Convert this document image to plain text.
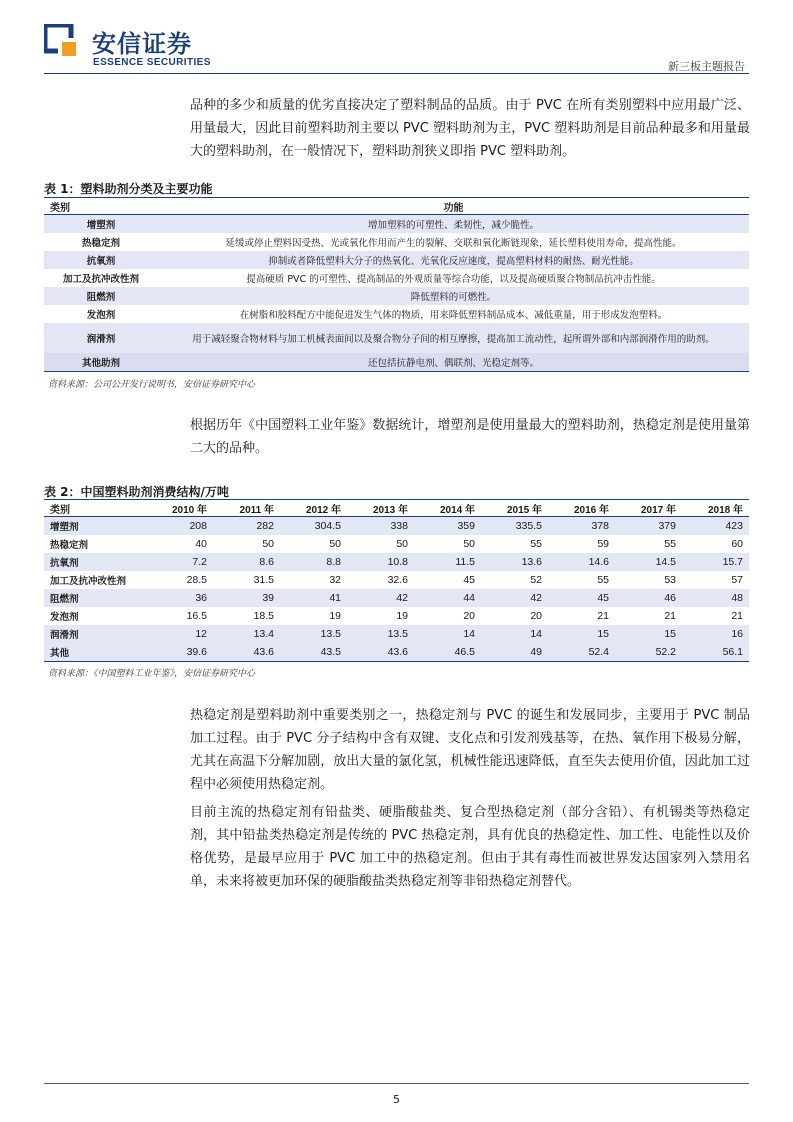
安信证券
ESSENCE SECURITIES	新三板主题报告
品种的多少和质量的优劣直接决定了塑料制品的品质。由于 PVC 在所有类别塑料中应用最广泛、用量最大，因此目前塑料助剂主要以 PVC 塑料助剂为主，PVC 塑料助剂是目前品种最多和用量最大的塑料助剂，在一般情况下，塑料助剂狭义即指 PVC 塑料助剂。
表 1：塑料助剂分类及主要功能
类别	功能
增塑剂	增加塑料的可塑性、柔韧性，减少脆性。
热稳定剂	延缓或停止塑料因受热、光或氧化作用而产生的裂解、交联和氧化断链现象，延长塑料使用寿命，提高性能。
抗氧剂	抑制或者降低塑料大分子的热氧化、光氧化反应速度，提高塑料材料的耐热、耐光性能。
加工及抗冲改性剂	提高硬质 PVC 的可塑性、提高制品的外观质量等综合功能，以及提高硬质聚合物制品抗冲击性能。
阻燃剂	降低塑料的可燃性。
发泡剂	在树脂和胶料配方中能促进发生气体的物质，用来降低塑料制品成本、减低重量，用于形成发泡塑料。
润滑剂	用于减轻聚合物材料与加工机械表面间以及聚合物分子间的相互摩擦，提高加工流动性，起所谓外部和内部润滑作用的助剂。
其他助剂	还包括抗静电剂、偶联剂、光稳定剂等。
资料来源：公司公开发行说明书，安信证券研究中心
根据历年《中国塑料工业年鉴》数据统计，增塑剂是使用量最大的塑料助剂，热稳定剂是使用量第二大的品种。
表 2：中国塑料助剂消费结构/万吨
类别	2010 年	2011 年	2012 年	2013 年	2014 年	2015 年	2016 年	2017 年	2018 年
增塑剂	208	282	304.5	338	359	335.5	378	379	423
热稳定剂	40	50	50	50	50	55	59	55	60
抗氧剂	7.2	8.6	8.8	10.8	11.5	13.6	14.6	14.5	15.7
加工及抗冲改性剂	28.5	31.5	32	32.6	45	52	55	53	57
阻燃剂	36	39	41	42	44	42	45	46	48
发泡剂	16.5	18.5	19	19	20	20	21	21	21
润滑剂	12	13.4	13.5	13.5	14	14	15	15	16
其他	39.6	43.6	43.5	43.6	46.5	49	52.4	52.2	56.1
资料来源：《中国塑料工业年鉴》，安信证券研究中心
热稳定剂是塑料助剂中重要类别之一，热稳定剂与 PVC 的诞生和发展同步，主要用于 PVC 制品加工过程。由于 PVC 分子结构中含有双键、支化点和引发剂残基等，在热、氧作用下极易分解，尤其在高温下分解加剧，放出大量的氯化氢，机械性能迅速降低，直至失去使用价值，因此加工过程中必须使用热稳定剂。
目前主流的热稳定剂有铅盐类、硬脂酸盐类、复合型热稳定剂（部分含铅）、有机锡类等热稳定剂，其中铅盐类热稳定剂是传统的 PVC 热稳定剂，具有优良的热稳定性、加工性、电能性以及价格优势，是最早应用于 PVC 加工中的热稳定剂。但由于其有毒性而被世界发达国家列入禁用名单，未来将被更加环保的硬脂酸盐类热稳定剂等非铅热稳定剂替代。
5
